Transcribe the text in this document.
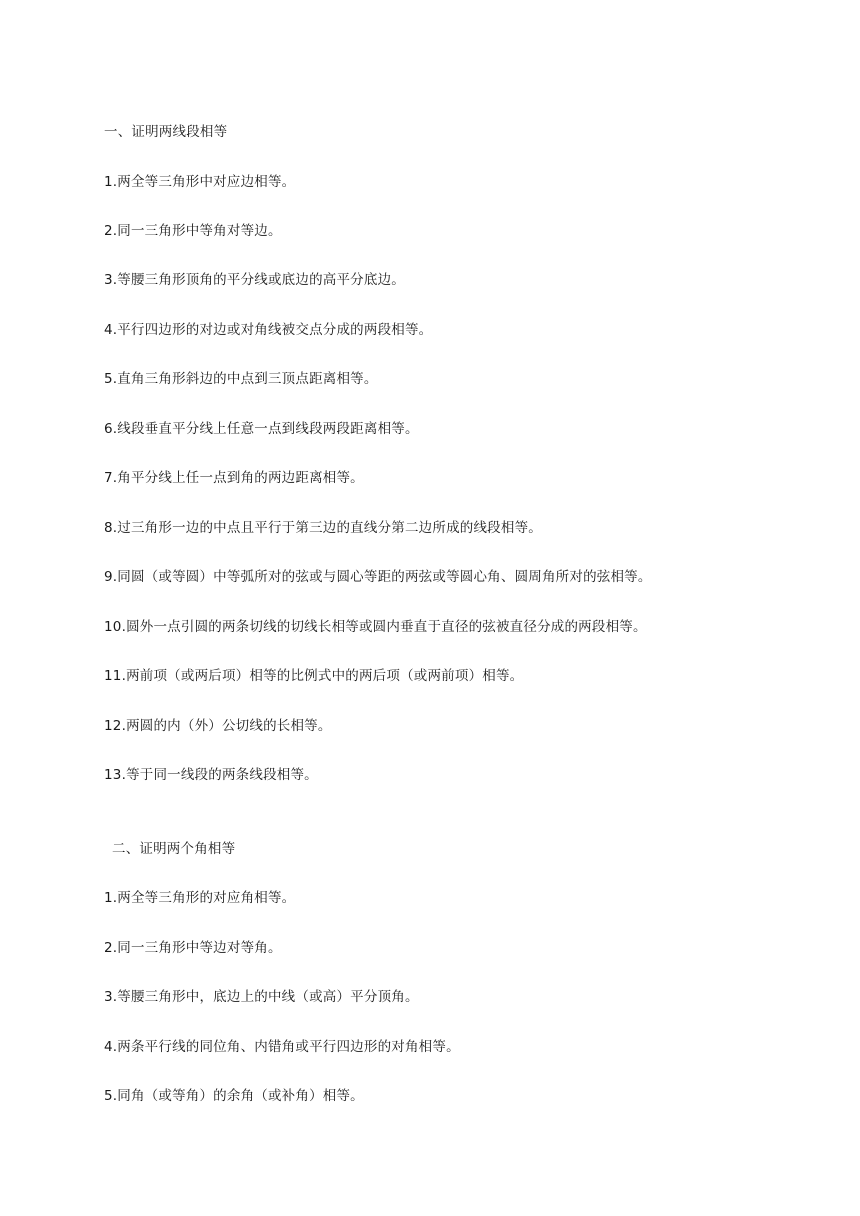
一、证明两线段相等
1.两全等三角形中对应边相等。
2.同一三角形中等角对等边。
3.等腰三角形顶角的平分线或底边的高平分底边。
4.平行四边形的对边或对角线被交点分成的两段相等。
5.直角三角形斜边的中点到三顶点距离相等。
6.线段垂直平分线上任意一点到线段两段距离相等。
7.角平分线上任一点到角的两边距离相等。
8.过三角形一边的中点且平行于第三边的直线分第二边所成的线段相等。
9.同圆（或等圆）中等弧所对的弦或与圆心等距的两弦或等圆心角、圆周角所对的弦相等。
10.圆外一点引圆的两条切线的切线长相等或圆内垂直于直径的弦被直径分成的两段相等。
11.两前项（或两后项）相等的比例式中的两后项（或两前项）相等。
12.两圆的内（外）公切线的长相等。
13.等于同一线段的两条线段相等。
二、证明两个角相等
1.两全等三角形的对应角相等。
2.同一三角形中等边对等角。
3.等腰三角形中，底边上的中线（或高）平分顶角。
4.两条平行线的同位角、内错角或平行四边形的对角相等。
5.同角（或等角）的余角（或补角）相等。
